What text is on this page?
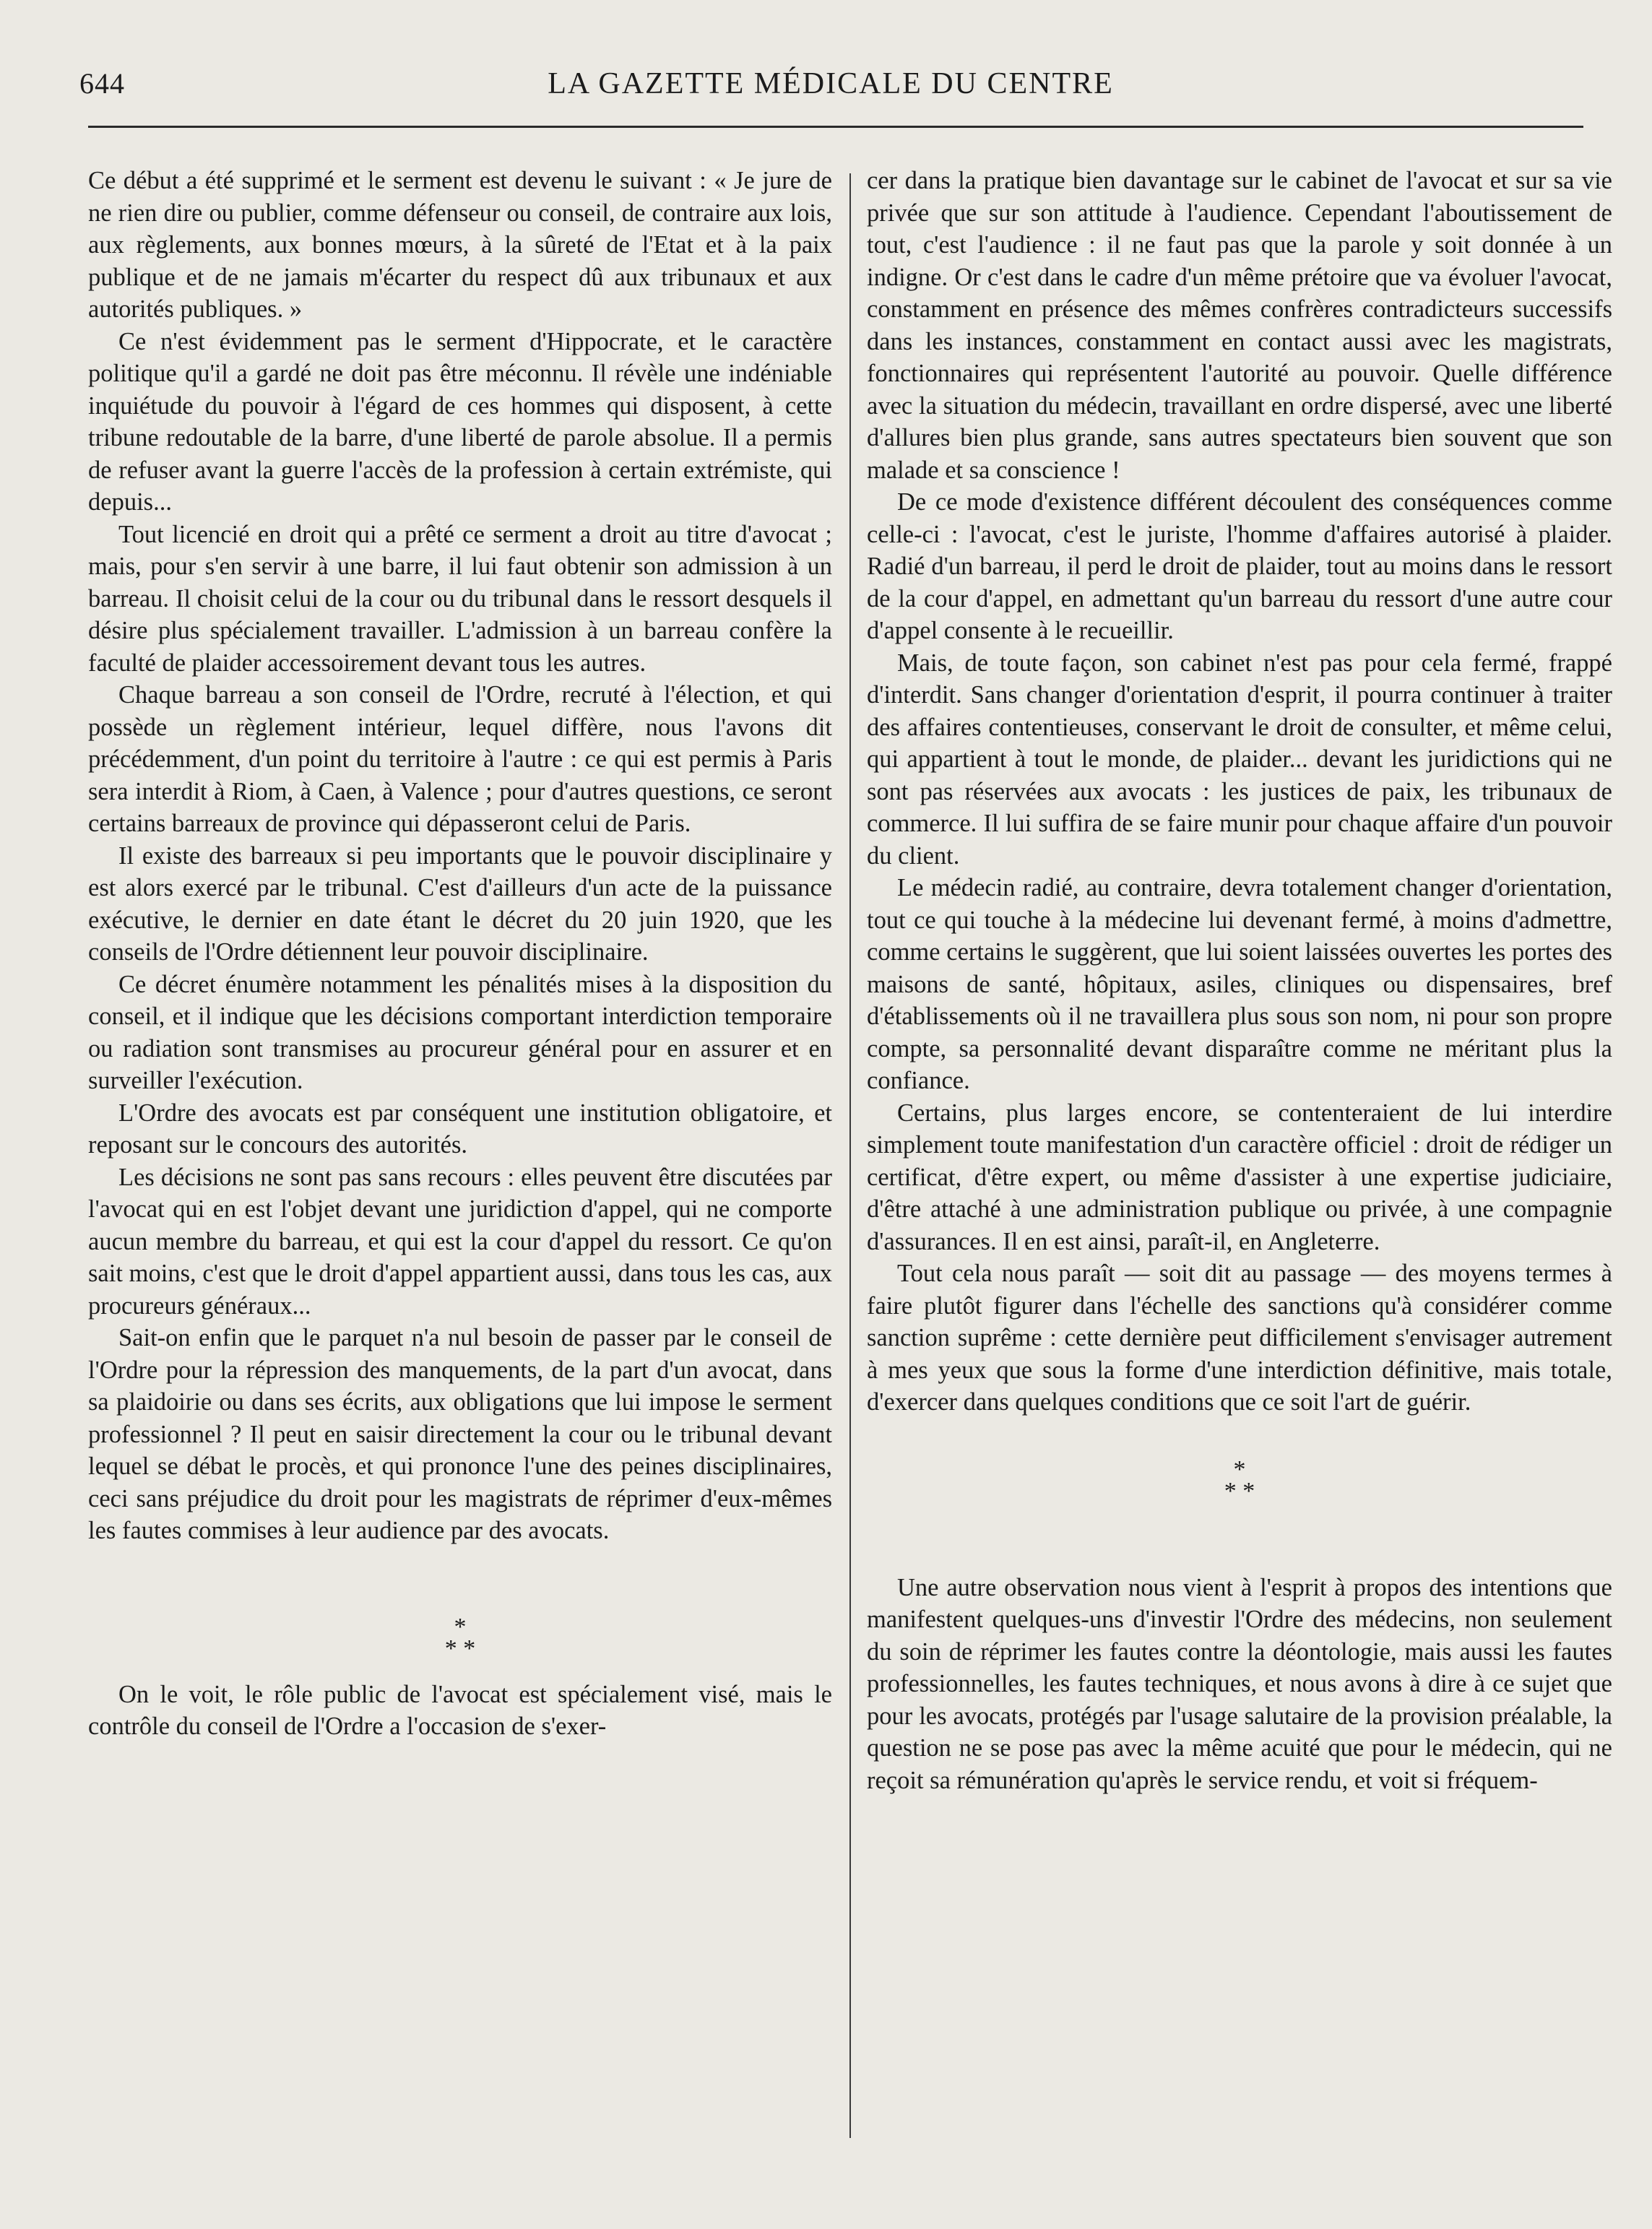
644	LA GAZETTE MÉDICALE DU CENTRE

Ce début a été supprimé et le serment est devenu le suivant : « Je jure de ne rien dire ou publier, comme défenseur ou conseil, de contraire aux lois, aux règlements, aux bonnes mœurs, à la sûreté de l'Etat et à la paix publique et de ne jamais m'écarter du respect dû aux tribunaux et aux autorités publiques. »

Ce n'est évidemment pas le serment d'Hippocrate, et le caractère politique qu'il a gardé ne doit pas être méconnu. Il révèle une indéniable inquiétude du pouvoir à l'égard de ces hommes qui disposent, à cette tribune redoutable de la barre, d'une liberté de parole absolue. Il a permis de refuser avant la guerre l'accès de la profession à certain extrémiste, qui depuis...

Tout licencié en droit qui a prêté ce serment a droit au titre d'avocat ; mais, pour s'en servir à une barre, il lui faut obtenir son admission à un barreau. Il choisit celui de la cour ou du tribunal dans le ressort desquels il désire plus spécialement travailler. L'admission à un barreau confère la faculté de plaider accessoirement devant tous les autres.

Chaque barreau a son conseil de l'Ordre, recruté à l'élection, et qui possède un règlement intérieur, lequel diffère, nous l'avons dit précédemment, d'un point du territoire à l'autre : ce qui est permis à Paris sera interdit à Riom, à Caen, à Valence ; pour d'autres questions, ce seront certains barreaux de province qui dépasseront celui de Paris.

Il existe des barreaux si peu importants que le pouvoir disciplinaire y est alors exercé par le tribunal. C'est d'ailleurs d'un acte de la puissance exécutive, le dernier en date étant le décret du 20 juin 1920, que les conseils de l'Ordre détiennent leur pouvoir disciplinaire.

Ce décret énumère notamment les pénalités mises à la disposition du conseil, et il indique que les décisions comportant interdiction temporaire ou radiation sont transmises au procureur général pour en assurer et en surveiller l'exécution.

L'Ordre des avocats est par conséquent une institution obligatoire, et reposant sur le concours des autorités.

Les décisions ne sont pas sans recours : elles peuvent être discutées par l'avocat qui en est l'objet devant une juridiction d'appel, qui ne comporte aucun membre du barreau, et qui est la cour d'appel du ressort. Ce qu'on sait moins, c'est que le droit d'appel appartient aussi, dans tous les cas, aux procureurs généraux...

Sait-on enfin que le parquet n'a nul besoin de passer par le conseil de l'Ordre pour la répression des manquements, de la part d'un avocat, dans sa plaidoirie ou dans ses écrits, aux obligations que lui impose le serment professionnel ? Il peut en saisir directement la cour ou le tribunal devant lequel se débat le procès, et qui prononce l'une des peines disciplinaires, ceci sans préjudice du droit pour les magistrats de réprimer d'eux-mêmes les fautes commises à leur audience par des avocats.

*
* *

On le voit, le rôle public de l'avocat est spécialement visé, mais le contrôle du conseil de l'Ordre a l'occasion de s'exer-

cer dans la pratique bien davantage sur le cabinet de l'avocat et sur sa vie privée que sur son attitude à l'audience. Cependant l'aboutissement de tout, c'est l'audience : il ne faut pas que la parole y soit donnée à un indigne. Or c'est dans le cadre d'un même prétoire que va évoluer l'avocat, constamment en présence des mêmes confrères contradicteurs successifs dans les instances, constamment en contact aussi avec les magistrats, fonctionnaires qui représentent l'autorité au pouvoir. Quelle différence avec la situation du médecin, travaillant en ordre dispersé, avec une liberté d'allures bien plus grande, sans autres spectateurs bien souvent que son malade et sa conscience !

De ce mode d'existence différent découlent des conséquences comme celle-ci : l'avocat, c'est le juriste, l'homme d'affaires autorisé à plaider. Radié d'un barreau, il perd le droit de plaider, tout au moins dans le ressort de la cour d'appel, en admettant qu'un barreau du ressort d'une autre cour d'appel consente à le recueillir.

Mais, de toute façon, son cabinet n'est pas pour cela fermé, frappé d'interdit. Sans changer d'orientation d'esprit, il pourra continuer à traiter des affaires contentieuses, conservant le droit de consulter, et même celui, qui appartient à tout le monde, de plaider... devant les juridictions qui ne sont pas réservées aux avocats : les justices de paix, les tribunaux de commerce. Il lui suffira de se faire munir pour chaque affaire d'un pouvoir du client.

Le médecin radié, au contraire, devra totalement changer d'orientation, tout ce qui touche à la médecine lui devenant fermé, à moins d'admettre, comme certains le suggèrent, que lui soient laissées ouvertes les portes des maisons de santé, hôpitaux, asiles, cliniques ou dispensaires, bref d'établissements où il ne travaillera plus sous son nom, ni pour son propre compte, sa personnalité devant disparaître comme ne méritant plus la confiance.

Certains, plus larges encore, se contenteraient de lui interdire simplement toute manifestation d'un caractère officiel : droit de rédiger un certificat, d'être expert, ou même d'assister à une expertise judiciaire, d'être attaché à une administration publique ou privée, à une compagnie d'assurances. Il en est ainsi, paraît-il, en Angleterre.

Tout cela nous paraît — soit dit au passage — des moyens termes à faire plutôt figurer dans l'échelle des sanctions qu'à considérer comme sanction suprême : cette dernière peut difficilement s'envisager autrement à mes yeux que sous la forme d'une interdiction définitive, mais totale, d'exercer dans quelques conditions que ce soit l'art de guérir.

*
* *

Une autre observation nous vient à l'esprit à propos des intentions que manifestent quelques-uns d'investir l'Ordre des médecins, non seulement du soin de réprimer les fautes contre la déontologie, mais aussi les fautes professionnelles, les fautes techniques, et nous avons à dire à ce sujet que pour les avocats, protégés par l'usage salutaire de la provision préalable, la question ne se pose pas avec la même acuité que pour le médecin, qui ne reçoit sa rémunération qu'après le service rendu, et voit si fréquem-
